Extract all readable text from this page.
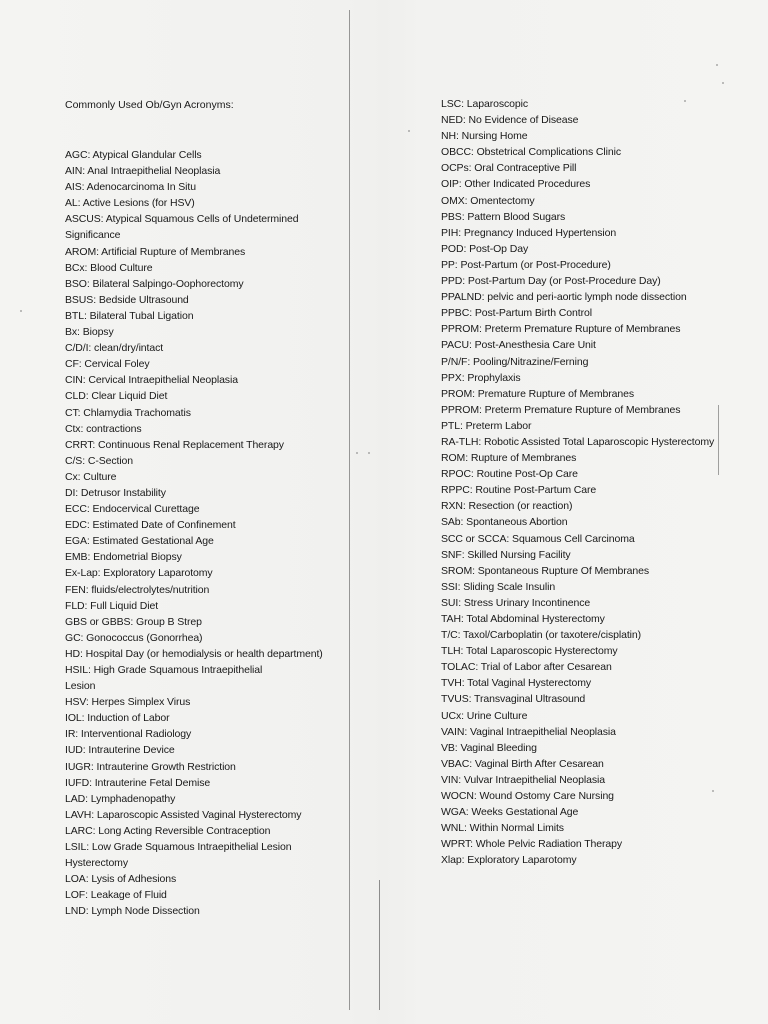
Commonly Used Ob/Gyn Acronyms:
AGC: Atypical Glandular Cells
AIN: Anal Intraepithelial Neoplasia
AIS: Adenocarcinoma In Situ
AL: Active Lesions (for HSV)
ASCUS: Atypical Squamous Cells of Undetermined
Significance
AROM: Artificial Rupture of Membranes
BCx: Blood Culture
BSO: Bilateral Salpingo-Oophorectomy
BSUS: Bedside Ultrasound
BTL: Bilateral Tubal Ligation
Bx: Biopsy
C/D/I: clean/dry/intact
CF: Cervical Foley
CIN: Cervical Intraepithelial Neoplasia
CLD: Clear Liquid Diet
CT: Chlamydia Trachomatis
Ctx: contractions
CRRT: Continuous Renal Replacement Therapy
C/S: C-Section
Cx: Culture
DI: Detrusor Instability
ECC: Endocervical Curettage
EDC: Estimated Date of Confinement
EGA: Estimated Gestational Age
EMB: Endometrial Biopsy
Ex-Lap: Exploratory Laparotomy
FEN: fluids/electrolytes/nutrition
FLD: Full Liquid Diet
GBS or GBBS: Group B Strep
GC: Gonococcus (Gonorrhea)
HD: Hospital Day (or hemodialysis or health department)
HSIL: High Grade Squamous Intraepithelial
Lesion
HSV: Herpes Simplex Virus
IOL: Induction of Labor
IR: Interventional Radiology
IUD: Intrauterine Device
IUGR: Intrauterine Growth Restriction
IUFD: Intrauterine Fetal Demise
LAD: Lymphadenopathy
LAVH: Laparoscopic Assisted Vaginal Hysterectomy
LARC: Long Acting Reversible Contraception
LSIL: Low Grade Squamous Intraepithelial Lesion
Hysterectomy
LOA: Lysis of Adhesions
LOF: Leakage of Fluid
LND: Lymph Node Dissection
LSC: Laparoscopic
NED: No Evidence of Disease
NH: Nursing Home
OBCC: Obstetrical Complications Clinic
OCPs: Oral Contraceptive Pill
OIP: Other Indicated Procedures
OMX: Omentectomy
PBS: Pattern Blood Sugars
PIH: Pregnancy Induced Hypertension
POD: Post-Op Day
PP: Post-Partum (or Post-Procedure)
PPD: Post-Partum Day (or Post-Procedure Day)
PPALND: pelvic and peri-aortic lymph node dissection
PPBC: Post-Partum Birth Control
PPROM: Preterm Premature Rupture of Membranes
PACU: Post-Anesthesia Care Unit
P/N/F: Pooling/Nitrazine/Ferning
PPX: Prophylaxis
PROM: Premature Rupture of Membranes
PPROM: Preterm Premature Rupture of Membranes
PTL: Preterm Labor
RA-TLH: Robotic Assisted Total Laparoscopic Hysterectomy
ROM: Rupture of Membranes
RPOC: Routine Post-Op Care
RPPC: Routine Post-Partum Care
RXN: Resection (or reaction)
SAb: Spontaneous Abortion
SCC or SCCA: Squamous Cell Carcinoma
SNF: Skilled Nursing Facility
SROM: Spontaneous Rupture Of Membranes
SSI: Sliding Scale Insulin
SUI: Stress Urinary Incontinence
TAH: Total Abdominal Hysterectomy
T/C: Taxol/Carboplatin (or taxotere/cisplatin)
TLH: Total Laparoscopic Hysterectomy
TOLAC: Trial of Labor after Cesarean
TVH: Total Vaginal Hysterectomy
TVUS: Transvaginal Ultrasound
UCx: Urine Culture
VAIN: Vaginal Intraepithelial Neoplasia
VB: Vaginal Bleeding
VBAC: Vaginal Birth After Cesarean
VIN: Vulvar Intraepithelial Neoplasia
WOCN: Wound Ostomy Care Nursing
WGA: Weeks Gestational Age
WNL: Within Normal Limits
WPRT: Whole Pelvic Radiation Therapy
Xlap: Exploratory Laparotomy
